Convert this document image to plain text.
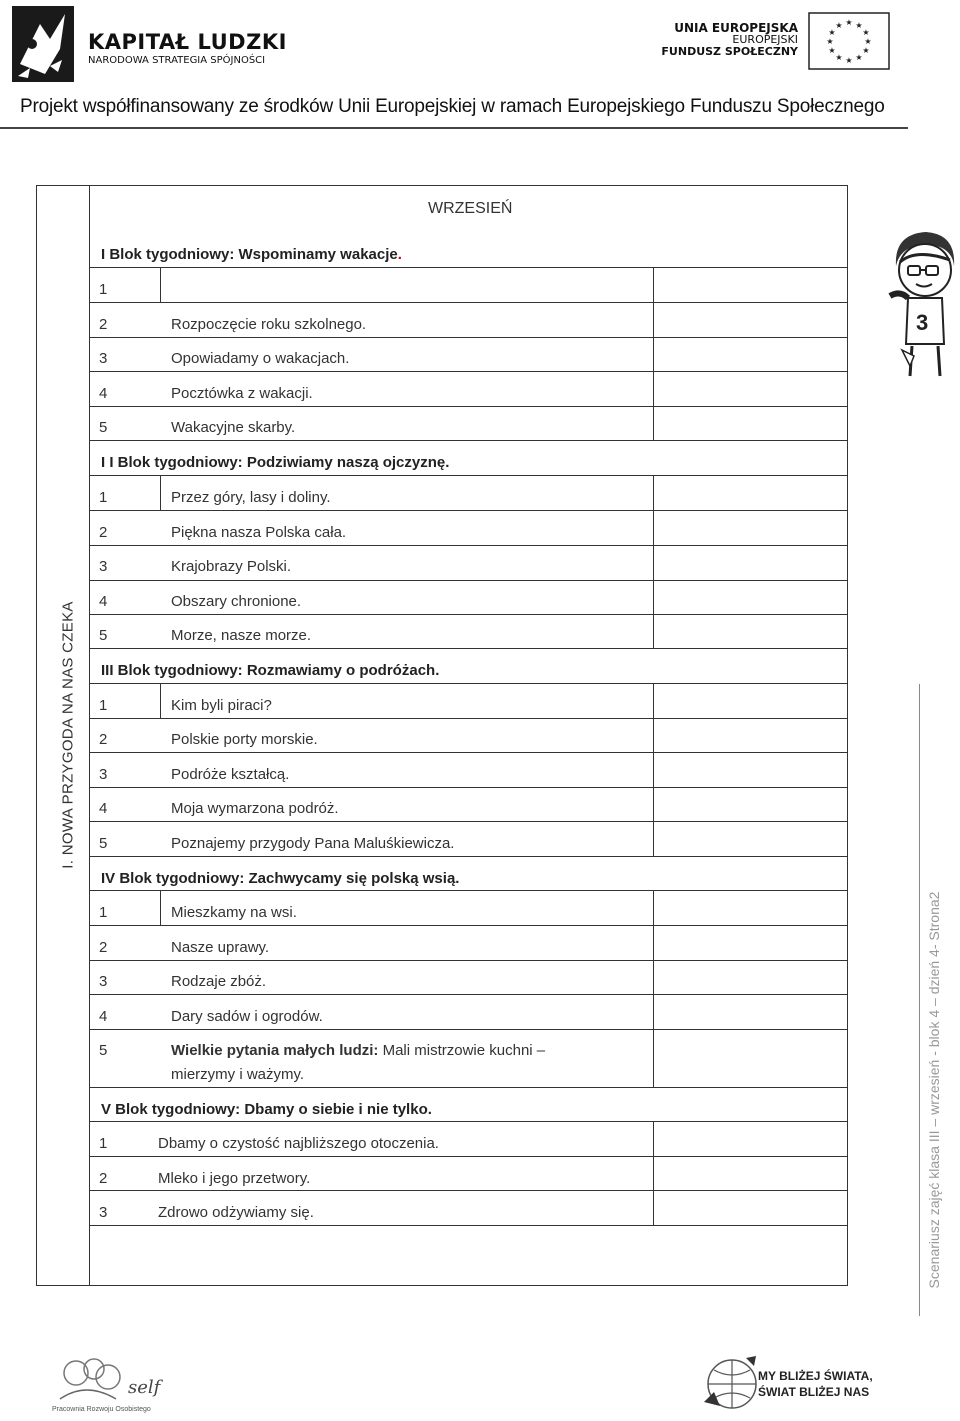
KAPITAŁ LUDZKI
NARODOWA STRATEGIA SPÓJNOŚCI
UNIA EUROPEJSKA
EUROPEJSKI
FUNDUSZ SPOŁECZNY
★ ★
★
★
★
★
★
★
★
★
★
★
Projekt współfinansowany ze środków Unii Europejskiej w ramach Europejskiego Funduszu Społecznego
3
I. NOWA PRZYGODA NA NAS CZEKA
WRZESIEŃ
I Blok tygodniowy: Wspominamy wakacje.
1
2	Rozpoczęcie roku szkolnego.
3	Opowiadamy o wakacjach.
4	Pocztówka z wakacji.
5	Wakacyjne skarby.
I I Blok tygodniowy: Podziwiamy naszą ojczyznę.
1	Przez góry, lasy i doliny.
2	Piękna nasza Polska cała.
3	Krajobrazy Polski.
4	Obszary chronione.
5	Morze, nasze morze.
III Blok tygodniowy: Rozmawiamy o podróżach.
1	Kim byli piraci?
2	Polskie porty morskie.
3	Podróże kształcą.
4	Moja wymarzona podróż.
5	Poznajemy przygody Pana Maluśkiewicza.
IV Blok tygodniowy: Zachwycamy się polską wsią.
1	Mieszkamy na wsi.
2	Nasze uprawy.
3	Rodzaje zbóż.
4	Dary sadów i ogrodów.
5	Wielkie pytania małych ludzi: Mali mistrzowie kuchni –
mierzymy i ważymy.
V Blok tygodniowy: Dbamy o siebie i nie tylko.
1	Dbamy o czystość najbliższego otoczenia.
2	Mleko i jego przetwory.
3	Zdrowo odżywiamy się.	Scenariusz zajęć klasa III – wrzesień - blok 4 – dzień 4- Strona2
self
Pracownia Rozwoju Osobistego
MY BLIŻEJ ŚWIATA,
ŚWIAT BLIŻEJ NAS
